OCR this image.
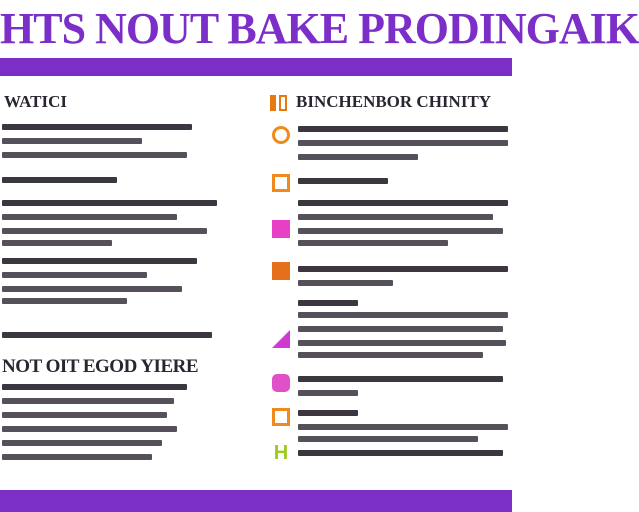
HTS NOUT BAKE PRODINGAIK
WATICI
NOT OIT EGOD YIERE
BINCHENBOR CHINITY
H
